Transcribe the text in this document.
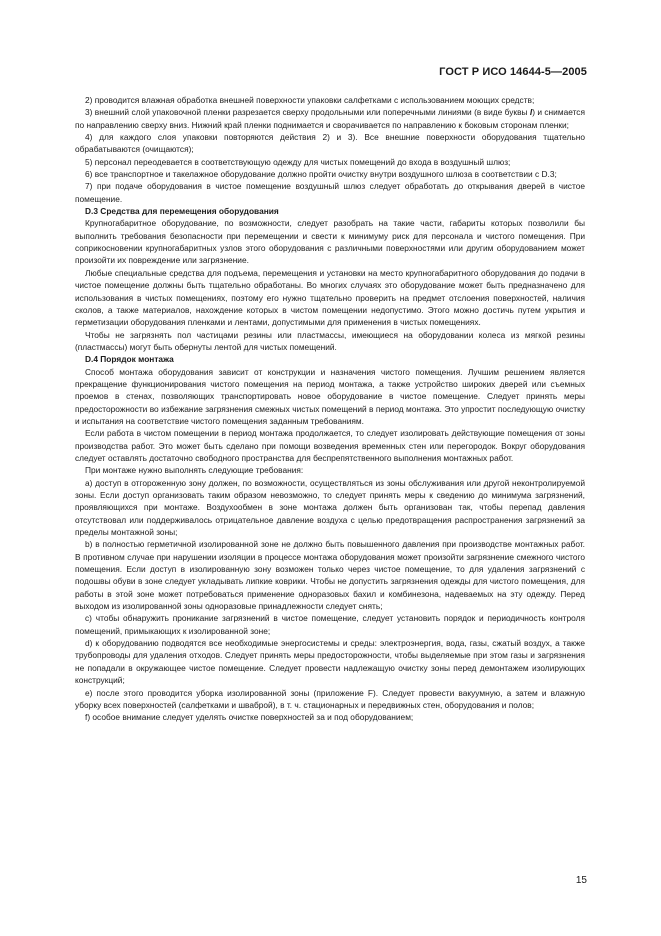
ГОСТ Р ИСО 14644-5—2005

2) проводится влажная обработка внешней поверхности упаковки салфетками с использованием моющих средств;

3) внешний слой упаковочной пленки разрезается сверху продольными или поперечными линиями (в виде буквы I) и снимается по направлению сверху вниз. Нижний край пленки поднимается и сворачивается по направлению к боковым сторонам пленки;

4) для каждого слоя упаковки повторяются действия 2) и 3). Все внешние поверхности оборудования тщательно обрабатываются (очищаются);

5) персонал переодевается в соответствующую одежду для чистых помещений до входа в воздушный шлюз;

6) все транспортное и такелажное оборудование должно пройти очистку внутри воздушного шлюза в соответствии с D.3;

7) при подаче оборудования в чистое помещение воздушный шлюз следует обработать до открывания дверей в чистое помещение.

D.3 Средства для перемещения оборудования

Крупногабаритное оборудование, по возможности, следует разобрать на такие части, габариты которых позволили бы выполнить требования безопасности при перемещении и свести к минимуму риск для персонала и чистого помещения. При соприкосновении крупногабаритных узлов этого оборудования с различными поверхностями или другим оборудованием может произойти их повреждение или загрязнение.

Любые специальные средства для подъема, перемещения и установки на место крупногабаритного оборудования до подачи в чистое помещение должны быть тщательно обработаны. Во многих случаях это оборудование может быть предназначено для использования в чистых помещениях, поэтому его нужно тщательно проверить на предмет отслоения поверхностей, наличия сколов, а также материалов, нахождение которых в чистом помещении недопустимо. Этого можно достичь путем укрытия и герметизации оборудования пленками и лентами, допустимыми для применения в чистых помещениях.

Чтобы не загрязнять пол частицами резины или пластмассы, имеющиеся на оборудовании колеса из мягкой резины (пластмассы) могут быть обернуты лентой для чистых помещений.

D.4 Порядок монтажа

Способ монтажа оборудования зависит от конструкции и назначения чистого помещения. Лучшим решением является прекращение функционирования чистого помещения на период монтажа, а также устройство широких дверей или съемных проемов в стенах, позволяющих транспортировать новое оборудование в чистое помещение. Следует принять меры предосторожности во избежание загрязнения смежных чистых помещений в период монтажа. Это упростит последующую очистку и испытания на соответствие чистого помещения заданным требованиям.

Если работа в чистом помещении в период монтажа продолжается, то следует изолировать действующие помещения от зоны производства работ. Это может быть сделано при помощи возведения временных стен или перегородок. Вокруг оборудования следует оставлять достаточно свободного пространства для беспрепятственного выполнения монтажных работ.

При монтаже нужно выполнять следующие требования:

a) доступ в отгороженную зону должен, по возможности, осуществляться из зоны обслуживания или другой неконтролируемой зоны. Если доступ организовать таким образом невозможно, то следует принять меры к сведению до минимума загрязнений, проявляющихся при монтаже. Воздухообмен в зоне монтажа должен быть организован так, чтобы перепад давления отсутствовал или поддерживалось отрицательное давление воздуха с целью предотвращения распространения загрязнений за пределы монтажной зоны;

b) в полностью герметичной изолированной зоне не должно быть повышенного давления при производстве монтажных работ. В противном случае при нарушении изоляции в процессе монтажа оборудования может произойти загрязнение смежного чистого помещения. Если доступ в изолированную зону возможен только через чистое помещение, то для удаления загрязнений с подошвы обуви в зоне следует укладывать липкие коврики. Чтобы не допустить загрязнения одежды для чистого помещения, для работы в этой зоне может потребоваться применение одноразовых бахил и комбинезона, надеваемых на эту одежду. Перед выходом из изолированной зоны одноразовые принадлежности следует снять;

c) чтобы обнаружить проникание загрязнений в чистое помещение, следует установить порядок и периодичность контроля помещений, примыкающих к изолированной зоне;

d) к оборудованию подводятся все необходимые энергосистемы и среды: электроэнергия, вода, газы, сжатый воздух, а также трубопроводы для удаления отходов. Следует принять меры предосторожности, чтобы выделяемые при этом газы и загрязнения не попадали в окружающее чистое помещение. Следует провести надлежащую очистку зоны перед демонтажем изолирующих конструкций;

e) после этого проводится уборка изолированной зоны (приложение F). Следует провести вакуумную, а затем и влажную уборку всех поверхностей (салфетками и шваброй), в т. ч. стационарных и передвижных стен, оборудования и полов;

f) особое внимание следует уделять очистке поверхностей за и под оборудованием;

15
